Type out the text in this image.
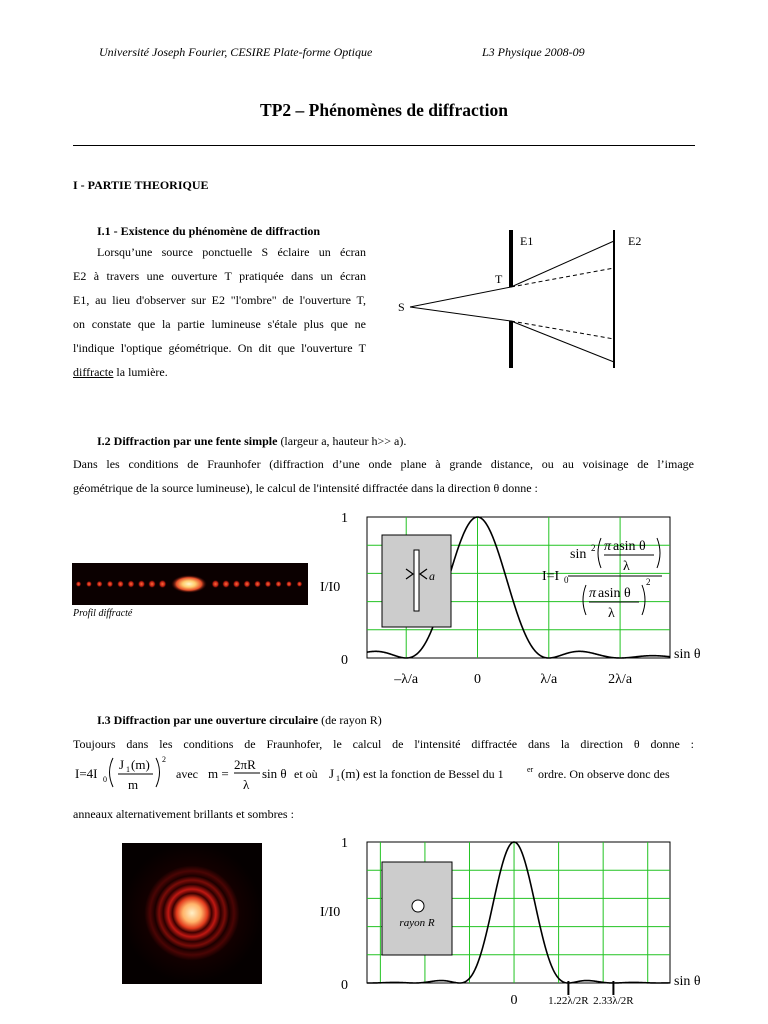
Université Joseph Fourier, CESIRE Plate-forme Optique	L3 Physique 2008-09
TP2 – Phénomènes de diffraction
I - PARTIE THEORIQUE
I.1 - Existence du phénomène de diffraction
Lorsqu’une source ponctuelle S éclaire un écran
E2 à travers une ouverture T pratiquée dans un écran
E1, au lieu d'observer sur E2 "l'ombre" de l'ouverture T,
on constate que la partie lumineuse s'étale plus que ne
l'indique l'optique géométrique. On dit que l'ouverture T
diffracte la lumière.
E1	E2
T
S
I.2 Diffraction par une fente simple (largeur a, hauteur h>> a).
Dans les conditions de Fraunhofer (diffraction d’une onde plane à grande distance, ou au voisinage de l’image
géométrique de la source lumineuse), le calcul de l'intensité diffractée dans la direction θ donne :
Profil diffracté
1
0
I/I0
sin θ
–λ/a	0	λ/a	2λ/a
a	I=I 0
sin 2 π asin θ
λ
π asin θ
λ
2
I.3 Diffraction par une ouverture circulaire (de rayon R)
Toujours dans les conditions de Fraunhofer, le calcul de l'intensité diffractée dans la direction θ donne :
I=4I 0
J 1 (m)
m
2
avec m =
2πR
λ
sin θ et où J 1 (m) est la fonction de Bessel du 1	er ordre. On observe donc des
anneaux alternativement brillants et sombres :
1
0
I/I0
sin θ
0	1.22λ/2R 2.33λ/2R
rayon R
